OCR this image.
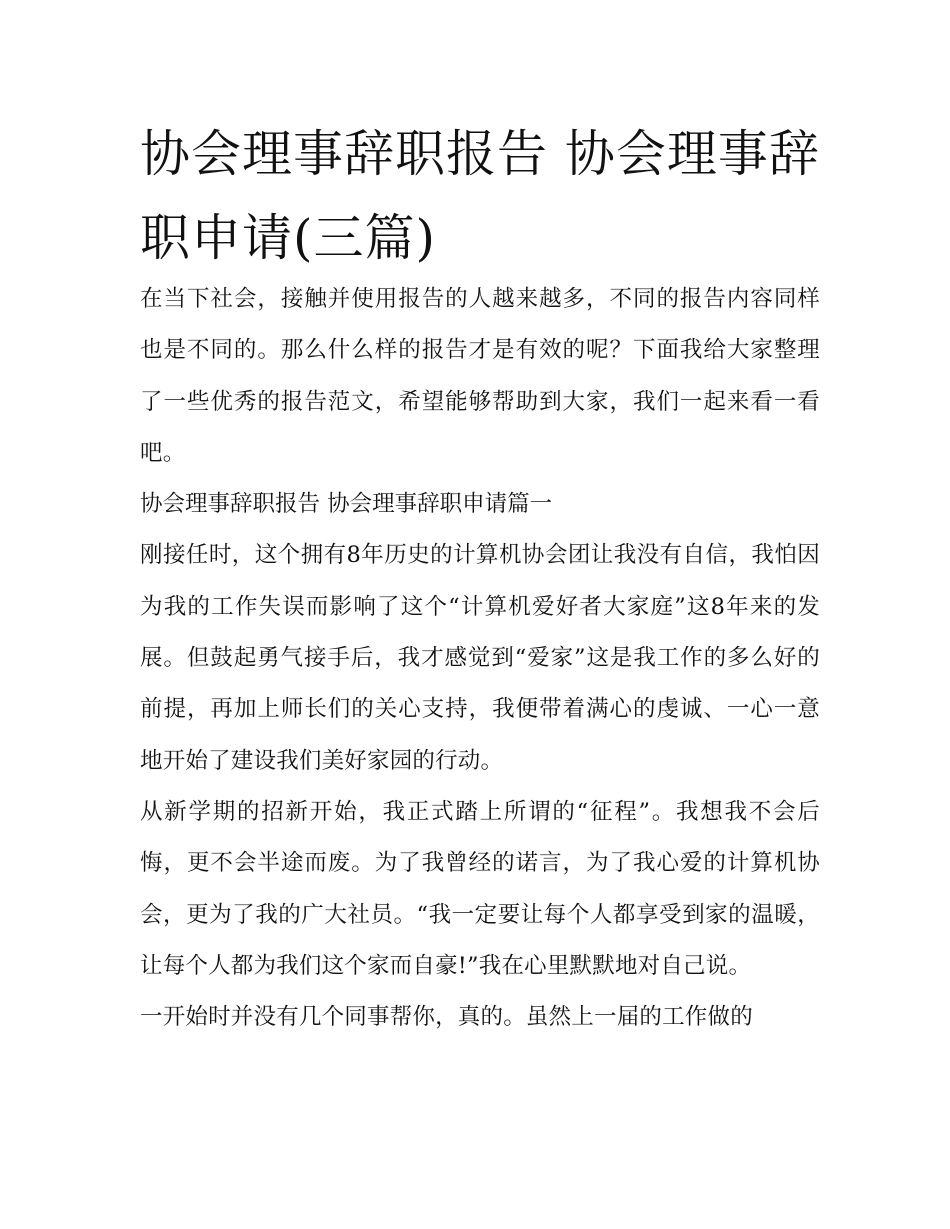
协会理事辞职报告 协会理事辞职申请(三篇)

在当下社会，接触并使用报告的人越来越多，不同的报告内容同样也是不同的。那么什么样的报告才是有效的呢？下面我给大家整理了一些优秀的报告范文，希望能够帮助到大家，我们一起来看一看吧。

协会理事辞职报告 协会理事辞职申请篇一

刚接任时，这个拥有8年历史的计算机协会团让我没有自信，我怕因为我的工作失误而影响了这个“计算机爱好者大家庭”这8年来的发展。但鼓起勇气接手后，我才感觉到“爱家”这是我工作的多么好的前提，再加上师长们的关心支持，我便带着满心的虔诚、一心一意地开始了建设我们美好家园的行动。

从新学期的招新开始，我正式踏上所谓的“征程”。我想我不会后悔，更不会半途而废。为了我曾经的诺言，为了我心爱的计算机协会，更为了我的广大社员。“我一定要让每个人都享受到家的温暖，让每个人都为我们这个家而自豪!”我在心里默默地对自己说。

一开始时并没有几个同事帮你，真的。虽然上一届的工作做的
